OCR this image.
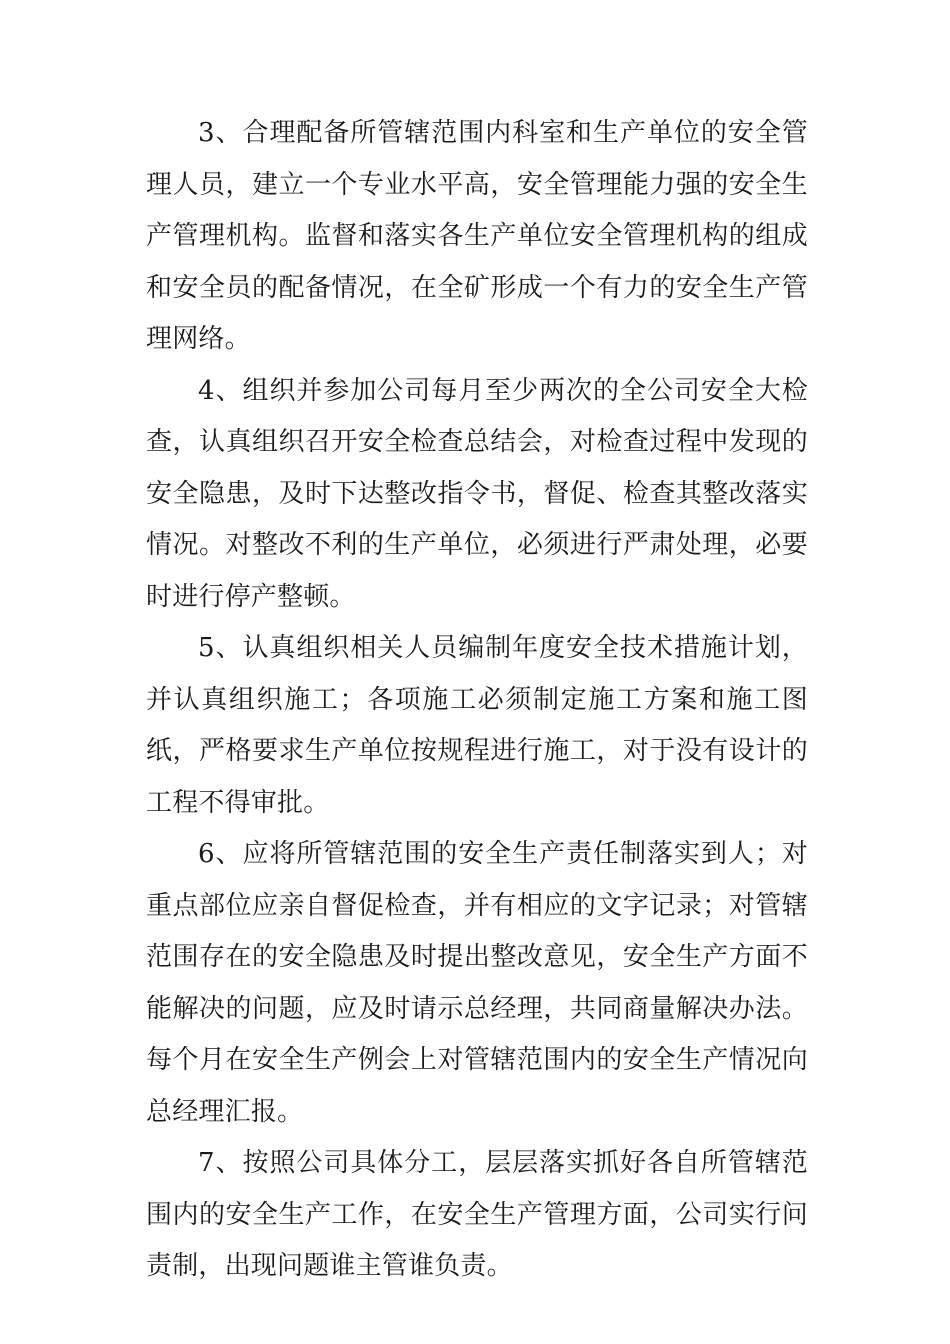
3、合理配备所管辖范围内科室和生产单位的安全管理人员，建立一个专业水平高，安全管理能力强的安全生产管理机构。监督和落实各生产单位安全管理机构的组成和安全员的配备情况，在全矿形成一个有力的安全生产管理网络。

4、组织并参加公司每月至少两次的全公司安全大检查，认真组织召开安全检查总结会，对检查过程中发现的安全隐患，及时下达整改指令书，督促、检查其整改落实情况。对整改不利的生产单位，必须进行严肃处理，必要时进行停产整顿。

5、认真组织相关人员编制年度安全技术措施计划，并认真组织施工；各项施工必须制定施工方案和施工图纸，严格要求生产单位按规程进行施工，对于没有设计的工程不得审批。

6、应将所管辖范围的安全生产责任制落实到人；对重点部位应亲自督促检查，并有相应的文字记录；对管辖范围存在的安全隐患及时提出整改意见，安全生产方面不能解决的问题，应及时请示总经理，共同商量解决办法。每个月在安全生产例会上对管辖范围内的安全生产情况向总经理汇报。

7、按照公司具体分工，层层落实抓好各自所管辖范围内的安全生产工作，在安全生产管理方面，公司实行问责制，出现问题谁主管谁负责。
